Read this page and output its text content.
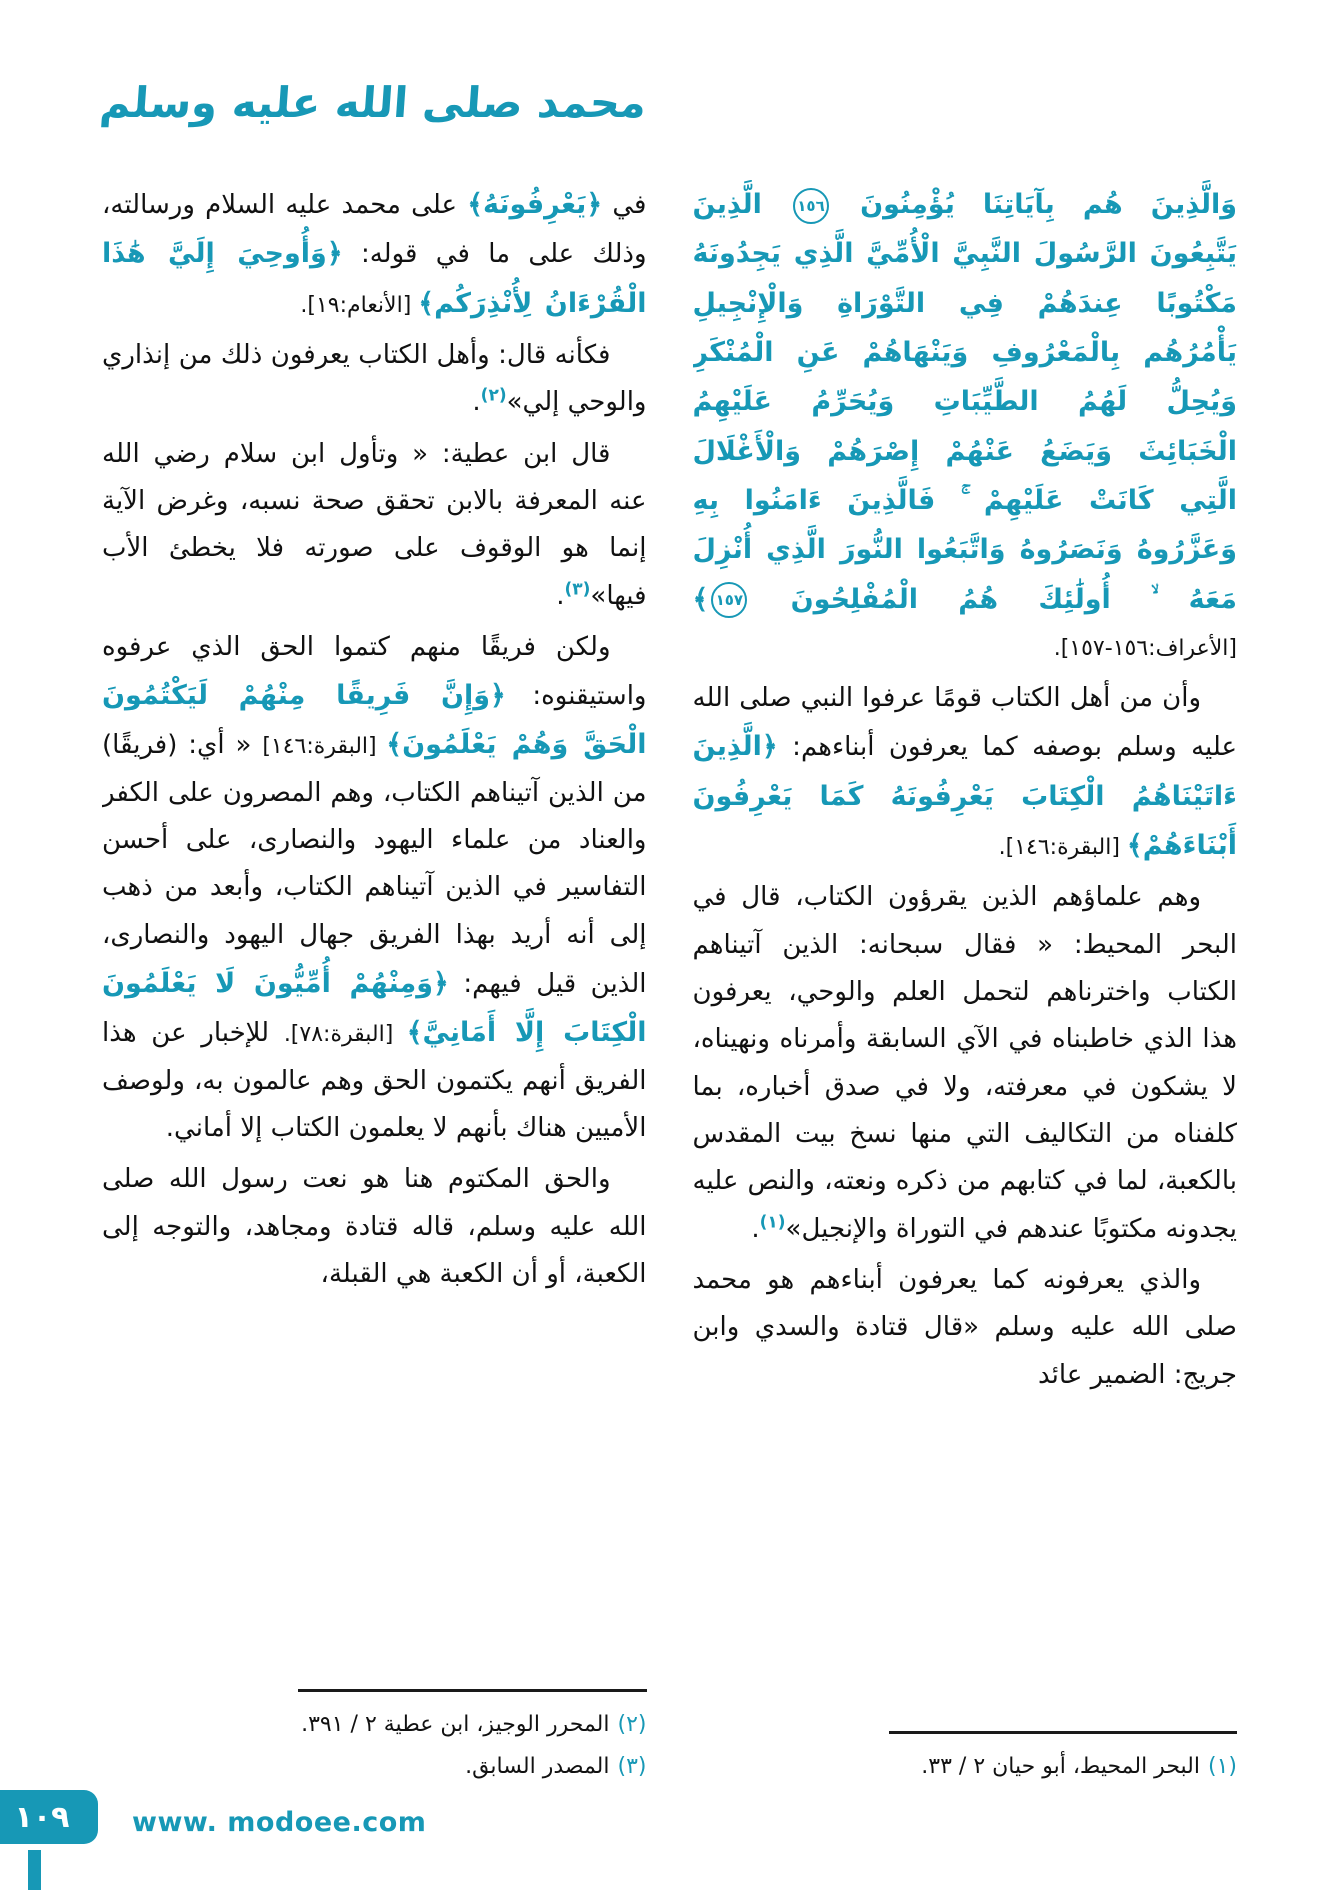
محمد صلى الله عليه وسلم

وَالَّذِينَ هُم بِآيَاتِنَا يُؤْمِنُونَ ١٥٦ الَّذِينَ يَتَّبِعُونَ الرَّسُولَ النَّبِيَّ الْأُمِّيَّ الَّذِي يَجِدُونَهُ مَكْتُوبًا عِندَهُمْ فِي التَّوْرَاةِ وَالْإِنْجِيلِ يَأْمُرُهُم بِالْمَعْرُوفِ وَيَنْهَاهُمْ عَنِ الْمُنْكَرِ وَيُحِلُّ لَهُمُ الطَّيِّبَاتِ وَيُحَرِّمُ عَلَيْهِمُ الْخَبَائِثَ وَيَضَعُ عَنْهُمْ إِصْرَهُمْ وَالْأَغْلَالَ الَّتِي كَانَتْ عَلَيْهِمْ ۚ فَالَّذِينَ ءَامَنُوا بِهِ وَعَزَّرُوهُ وَنَصَرُوهُ وَاتَّبَعُوا النُّورَ الَّذِي أُنْزِلَ مَعَهُ ۙ أُولَٰئِكَ هُمُ الْمُفْلِحُونَ ١٥٧﴾ [الأعراف:١٥٦-١٥٧].

وأن من أهل الكتاب قومًا عرفوا النبي صلى الله عليه وسلم بوصفه كما يعرفون أبناءهم: ﴿الَّذِينَ ءَاتَيْنَاهُمُ الْكِتَابَ يَعْرِفُونَهُ كَمَا يَعْرِفُونَ أَبْنَاءَهُمْ﴾ [البقرة:١٤٦].

وهم علماؤهم الذين يقرؤون الكتاب، قال في البحر المحيط: « فقال سبحانه: الذين آتيناهم الكتاب واخترناهم لتحمل العلم والوحي، يعرفون هذا الذي خاطبناه في الآي السابقة وأمرناه ونهيناه، لا يشكون في معرفته، ولا في صدق أخباره، بما كلفناه من التكاليف التي منها نسخ بيت المقدس بالكعبة، لما في كتابهم من ذكره ونعته، والنص عليه يجدونه مكتوبًا عندهم في التوراة والإنجيل»$^{(١)}$.

والذي يعرفونه كما يعرفون أبناءهم هو محمد صلى الله عليه وسلم «قال قتادة والسدي وابن جريج: الضمير عائد

(١)البحر المحيط، أبو حيان ٢ / ٣٣.

في ﴿يَعْرِفُونَهُ﴾ على محمد عليه السلام ورسالته، وذلك على ما في قوله: ﴿وَأُوحِيَ إِلَيَّ هَٰذَا الْقُرْءَانُ لِأُنْذِرَكُم﴾ [الأنعام:١٩].

فكأنه قال: وأهل الكتاب يعرفون ذلك من إنذاري والوحي إلي»$^{(٢)}$.

قال ابن عطية: « وتأول ابن سلام رضي الله عنه المعرفة بالابن تحقق صحة نسبه، وغرض الآية إنما هو الوقوف على صورته فلا يخطئ الأب فيها»$^{(٣)}$.

ولكن فريقًا منهم كتموا الحق الذي عرفوه واستيقنوه: ﴿وَإِنَّ فَرِيقًا مِنْهُمْ لَيَكْتُمُونَ الْحَقَّ وَهُمْ يَعْلَمُونَ﴾ [البقرة:١٤٦] « أي: (فريقًا) من الذين آتيناهم الكتاب، وهم المصرون على الكفر والعناد من علماء اليهود والنصارى، على أحسن التفاسير في الذين آتيناهم الكتاب، وأبعد من ذهب إلى أنه أريد بهذا الفريق جهال اليهود والنصارى، الذين قيل فيهم: ﴿وَمِنْهُمْ أُمِّيُّونَ لَا يَعْلَمُونَ الْكِتَابَ إِلَّا أَمَانِيَّ﴾ [البقرة:٧٨]. للإخبار عن هذا الفريق أنهم يكتمون الحق وهم عالمون به، ولوصف الأميين هناك بأنهم لا يعلمون الكتاب إلا أماني.

والحق المكتوم هنا هو نعت رسول الله صلى الله عليه وسلم، قاله قتادة ومجاهد، والتوجه إلى الكعبة، أو أن الكعبة هي القبلة،

(٢)المحرر الوجيز، ابن عطية ٢ / ٣٩١.
(٣)المصدر السابق.
١٠٩ www. modoee.com
